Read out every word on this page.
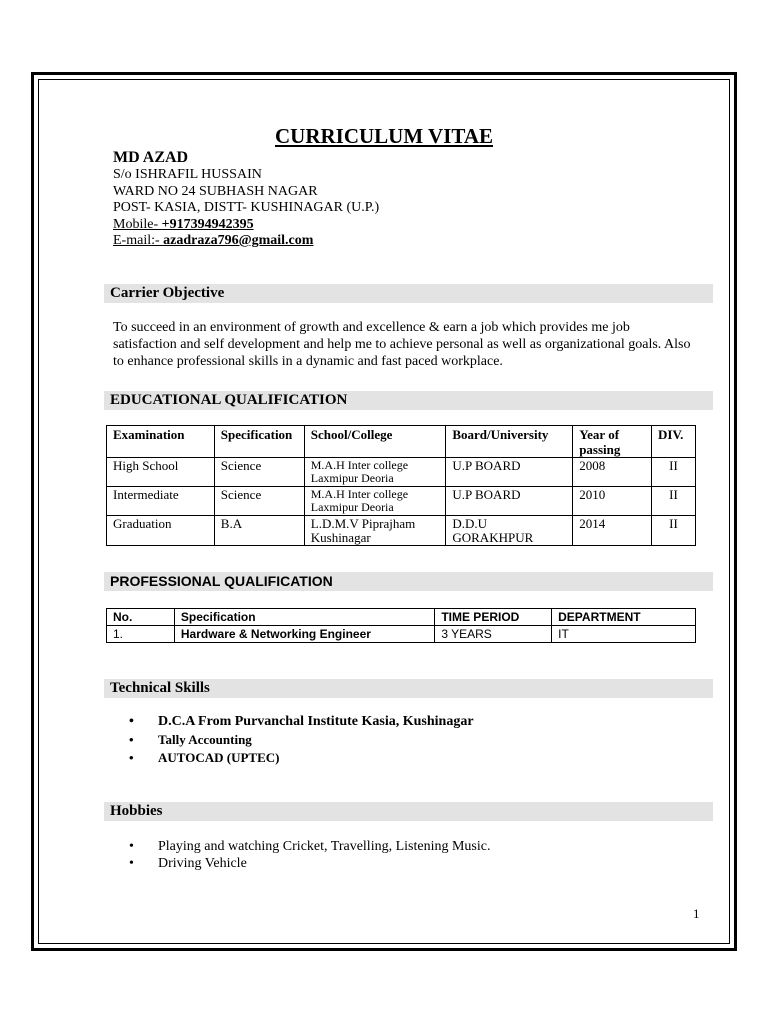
CURRICULUM VITAE
MD AZAD
S/o ISHRAFIL HUSSAIN
WARD NO 24 SUBHASH NAGAR
POST- KASIA, DISTT- KUSHINAGAR (U.P.)
Mobile- +917394942395
E-mail:- azadraza796@gmail.com
Carrier Objective
To succeed in an environment of growth and excellence & earn a job which provides me job satisfaction and self development and help me to achieve personal as well as organizational goals. Also to enhance professional skills in a dynamic and fast paced workplace.
EDUCATIONAL QUALIFICATION
Examination	Specification	School/College	Board/University	Year of passing	DIV.
High School	Science	M.A.H Inter college Laxmipur Deoria	U.P BOARD	2008	II
Intermediate	Science	M.A.H Inter college Laxmipur Deoria	U.P BOARD	2010	II
Graduation	B.A	L.D.M.V Piprajham Kushinagar	D.D.U GORAKHPUR	2014	II
PROFESSIONAL QUALIFICATION
No.	Specification	TIME PERIOD	DEPARTMENT
1.	Hardware & Networking Engineer	3 YEARS	IT
Technical Skills
• D.C.A From Purvanchal Institute Kasia, Kushinagar
• Tally Accounting
• AUTOCAD (UPTEC)
Hobbies
• Playing and watching Cricket, Travelling, Listening Music.
• Driving Vehicle
1
